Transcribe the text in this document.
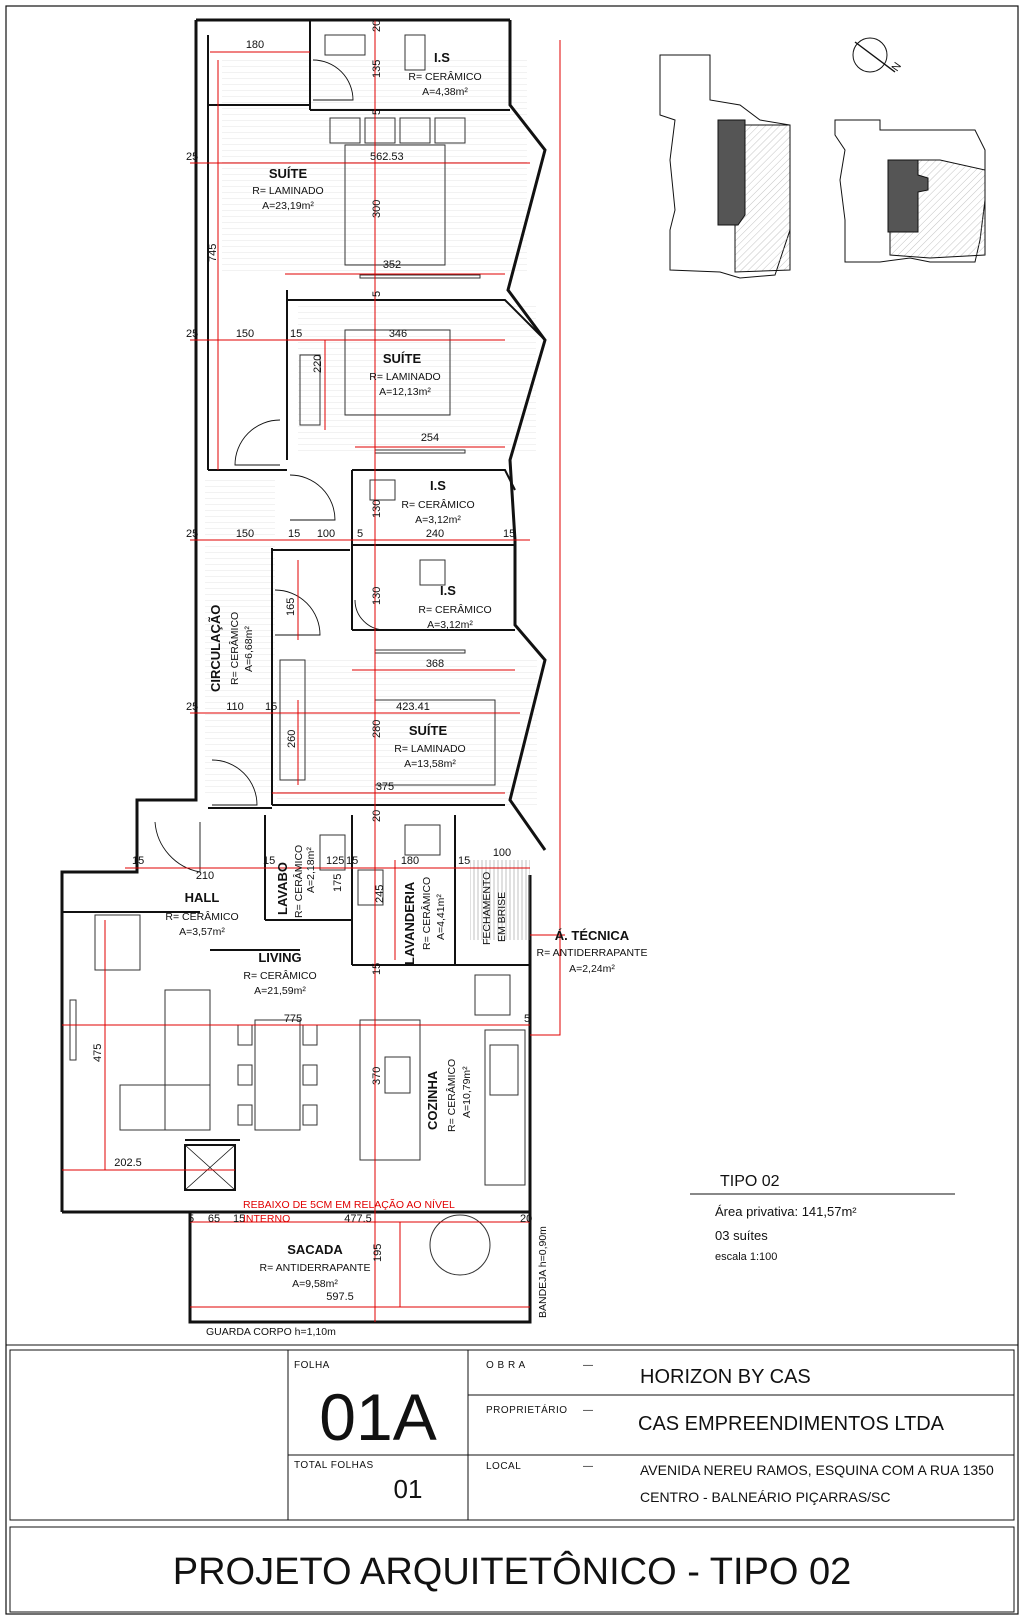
I.S
R= CERÂMICO
A=4,38m²
SUÍTE
R= LAMINADO
A=23,19m²
SUÍTE
R= LAMINADO
A=12,13m²
I.S
R= CERÂMICO
A=3,12m²
I.S
R= CERÂMICO
A=3,12m²
CIRCULAÇÃO R= CERÂMICO A=6,68m²
SUÍTE
R= LAMINADO
A=13,58m²
LAVABO R= CERÂMICO A=2,18m²
LAVANDERIA R= CERÂMICO A=4,41m²
HALL
R= CERÂMICO
A=3,57m²
LIVING
R= CERÂMICO
A=21,59m²
Á. TÉCNICA
R= ANTIDERRAPANTE
A=2,24m²
COZINHA R= CERÂMICO A=10,79m²
SACADA
R= ANTIDERRAPANTE
A=9,58m²
180
135
20
25	562.53
745
300
352
5
5
25	150	15	346
220
254
130
25	150	15 100 5	240	15
165
130
368
25	110 15	423.41
260
280
375
20
15
210
15	125 15
175
180	15
100
245
15
775	5
475
370
202.5
5 65 15	477.5	20
195
597.5
REBAIXO DE 5CM EM RELAÇÃO AO NÍVEL
INTERNO
FECHAMENTO EM BRISE
BANDEJA h=0,90m
GUARDA CORPO h=1,10m
N
TIPO 02
Área privativa: 141,57m²
03 suítes
escala 1:100
FOLHA
01A
TOTAL FOLHAS
01
O B R A	—
HORIZON BY CAS
PROPRIETÁRIO —
CAS EMPREENDIMENTOS LTDA
LOCAL	—	AVENIDA NEREU RAMOS, ESQUINA COM A RUA 1350
CENTRO - BALNEÁRIO PIÇARRAS/SC
PROJETO ARQUITETÔNICO - TIPO 02
